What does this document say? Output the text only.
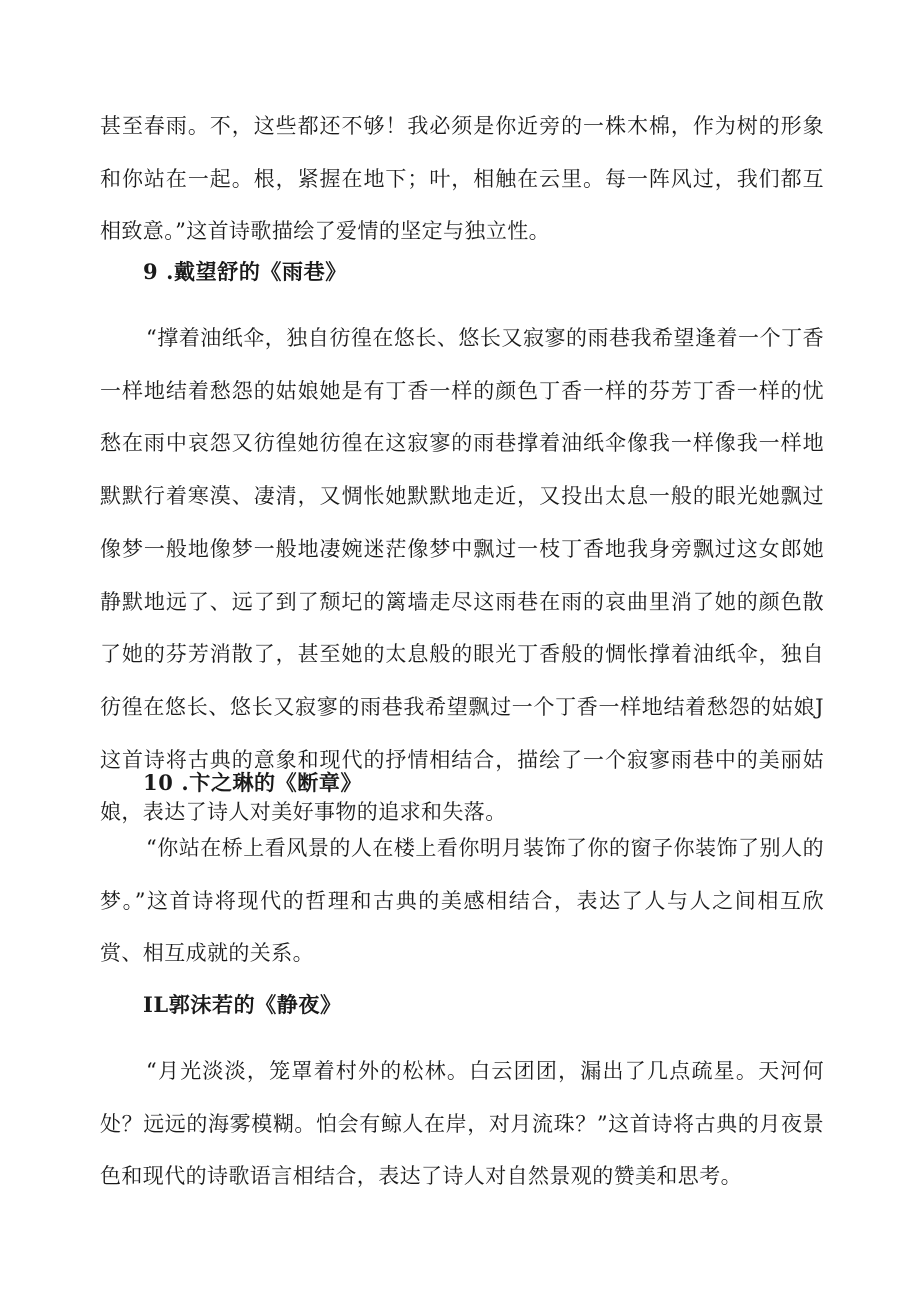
甚至春雨。不，这些都还不够！我必须是你近旁的一株木棉，作为树的形象和你站在一起。根，紧握在地下；叶，相触在云里。每一阵风过，我们都互相致意。”这首诗歌描绘了爱情的坚定与独立性。

9 .戴望舒的《雨巷》

“撑着油纸伞，独自彷徨在悠长、悠长又寂寥的雨巷我希望逢着一个丁香一样地结着愁怨的姑娘她是有丁香一样的颜色丁香一样的芬芳丁香一样的忧愁在雨中哀怨又彷徨她彷徨在这寂寥的雨巷撑着油纸伞像我一样像我一样地默默行着寒漠、凄清，又惆怅她默默地走近，又投出太息一般的眼光她飘过像梦一般地像梦一般地凄婉迷茫像梦中飘过一枝丁香地我身旁飘过这女郎她静默地远了、远了到了颓圮的篱墙走尽这雨巷在雨的哀曲里消了她的颜色散了她的芬芳消散了，甚至她的太息般的眼光丁香般的惆怅撑着油纸伞，独自彷徨在悠长、悠长又寂寥的雨巷我希望飘过一个丁香一样地结着愁怨的姑娘J这首诗将古典的意象和现代的抒情相结合，描绘了一个寂寥雨巷中的美丽姑娘，表达了诗人对美好事物的追求和失落。

10 .卞之琳的《断章》

“你站在桥上看风景的人在楼上看你明月装饰了你的窗子你装饰了别人的梦。”这首诗将现代的哲理和古典的美感相结合，表达了人与人之间相互欣赏、相互成就的关系。

IL郭沫若的《静夜》

“月光淡淡，笼罩着村外的松林。白云团团，漏出了几点疏星。天河何处？远远的海雾模糊。怕会有鲸人在岸，对月流珠？”这首诗将古典的月夜景色和现代的诗歌语言相结合，表达了诗人对自然景观的赞美和思考。
